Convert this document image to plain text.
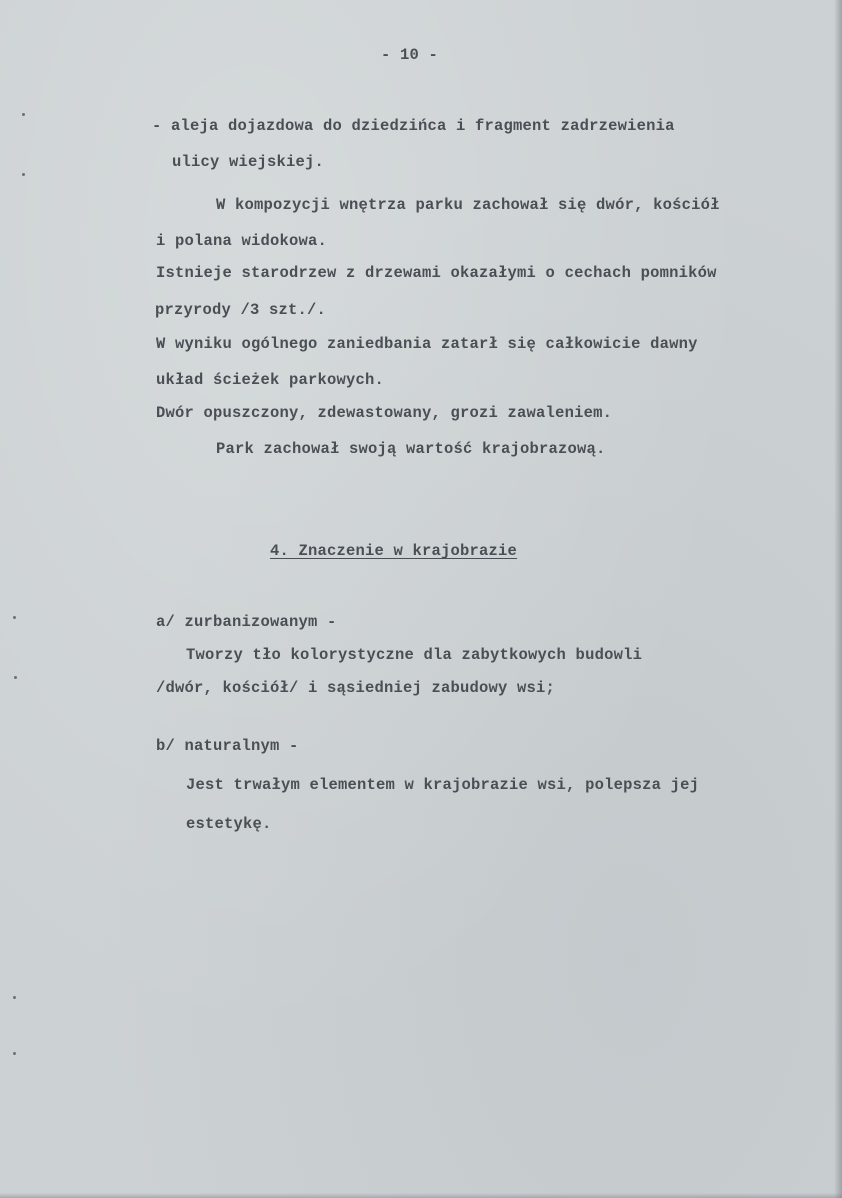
- 10 -
- aleja dojazdowa do dziedzińca i fragment zadrzewienia
ulicy wiejskiej.
W kompozycji wnętrza parku zachował się dwór, kościół
i polana widokowa.
Istnieje starodrzew z drzewami okazałymi o cechach pomników
przyrody /3 szt./.
W wyniku ogólnego zaniedbania zatarł się całkowicie dawny
układ ścieżek parkowych.
Dwór opuszczony, zdewastowany, grozi zawaleniem.
Park zachował swoją wartość krajobrazową.
4. Znaczenie w krajobrazie
a/ zurbanizowanym -
Tworzy tło kolorystyczne dla zabytkowych budowli
/dwór, kościół/ i sąsiedniej zabudowy wsi;
b/ naturalnym -
Jest trwałym elementem w krajobrazie wsi, polepsza jej
estetykę.
